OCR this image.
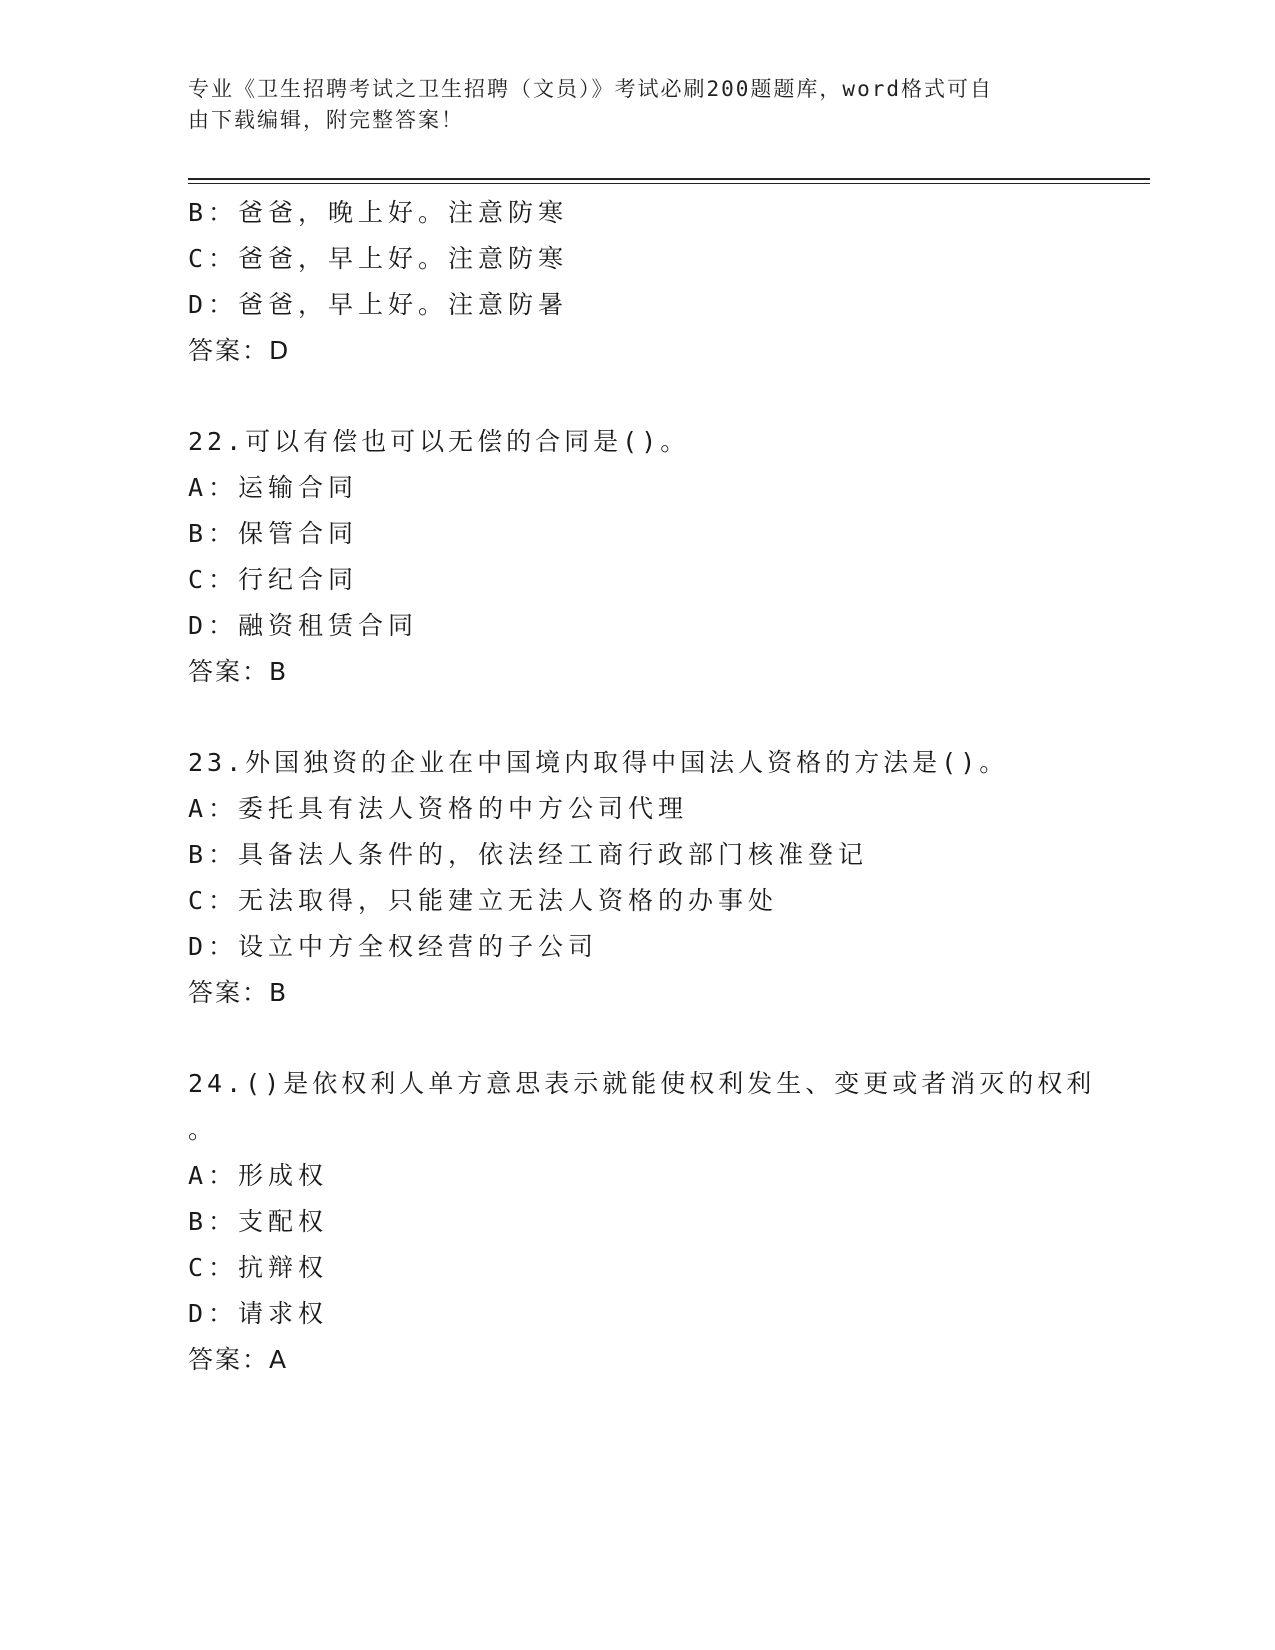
专业《卫生招聘考试之卫生招聘（文员）》考试必刷200题题库，word格式可自
由下载编辑，附完整答案！
B：爸爸，晚上好。注意防寒
C：爸爸，早上好。注意防寒
D：爸爸，早上好。注意防暑
答案：D
22.可以有偿也可以无偿的合同是()。
A：运输合同
B：保管合同
C：行纪合同
D：融资租赁合同
答案：B
23.外国独资的企业在中国境内取得中国法人资格的方法是()。
A：委托具有法人资格的中方公司代理
B：具备法人条件的，依法经工商行政部门核准登记
C：无法取得，只能建立无法人资格的办事处
D：设立中方全权经营的子公司
答案：B
24.()是依权利人单方意思表示就能使权利发生、变更或者消灭的权利
。
A：形成权
B：支配权
C：抗辩权
D：请求权
答案：A
